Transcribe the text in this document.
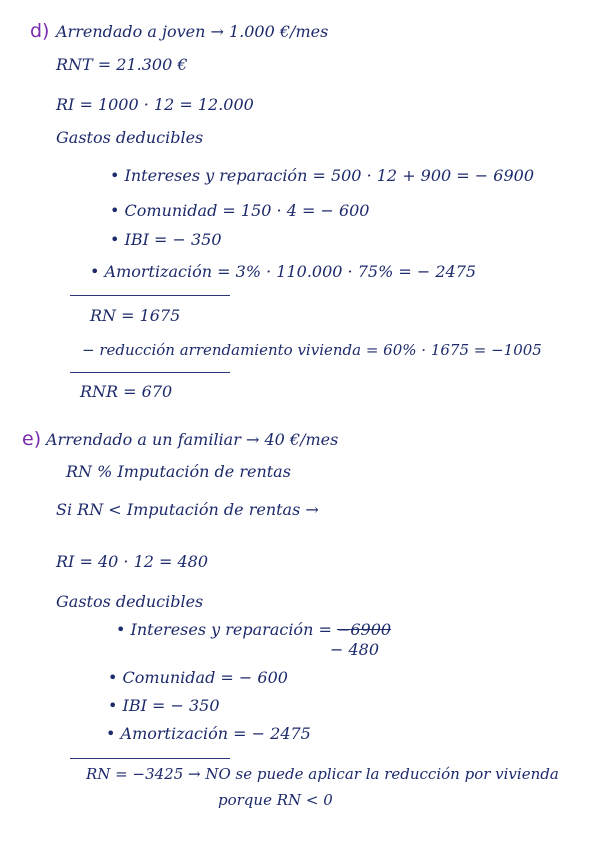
d) Arrendado a joven → 1.000 €/mes
RNT = 21.300 €
RI = 1000 · 12 = 12.000
Gastos deducibles
• Intereses y reparación = 500 · 12 + 900 = − 6900
• Comunidad = 150 · 4 = − 600
• IBI = − 350
• Amortización = 3% · 110.000 · 75% = − 2475
RN = 1675
− reducción arrendamiento vivienda = 60% · 1675 = −1005
RNR = 670
e) Arrendado a un familiar → 40 €/mes
RN % Imputación de rentas
Si RN < Imputación de rentas →
RI = 40 · 12 = 480
Gastos deducibles
• Intereses y reparación = −6900
− 480
• Comunidad = − 600
• IBI = − 350
• Amortización = − 2475
RN = −3425 → NO se puede aplicar la reducción por vivienda
porque RN < 0
